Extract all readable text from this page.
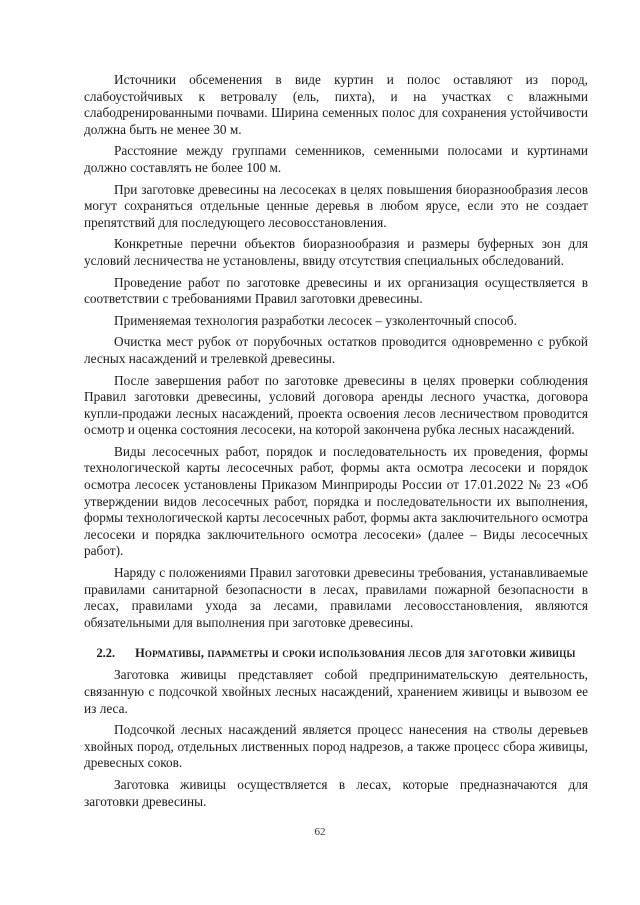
Источники обсеменения в виде куртин и полос оставляют из пород, слабоустойчивых к ветровалу (ель, пихта), и на участках с влажными слабодренированными почвами. Ширина семенных полос для сохранения устойчивости должна быть не менее 30 м.

Расстояние между группами семенников, семенными полосами и куртинами должно составлять не более 100 м.

При заготовке древесины на лесосеках в целях повышения биоразнообразия лесов могут сохраняться отдельные ценные деревья в любом ярусе, если это не создает препятствий для последующего лесовосстановления.

Конкретные перечни объектов биоразнообразия и размеры буферных зон для условий лесничества не установлены, ввиду отсутствия специальных обследований.

Проведение работ по заготовке древесины и их организация осуществляется в соответствии с требованиями Правил заготовки древесины.

Применяемая технология разработки лесосек – узколенточный способ.

Очистка мест рубок от порубочных остатков проводится одновременно с рубкой лесных насаждений и трелевкой древесины.

После завершения работ по заготовке древесины в целях проверки соблюдения Правил заготовки древесины, условий договора аренды лесного участка, договора купли-продажи лесных насаждений, проекта освоения лесов лесничеством проводится осмотр и оценка состояния лесосеки, на которой закончена рубка лесных насаждений.

Виды лесосечных работ, порядок и последовательность их проведения, формы технологической карты лесосечных работ, формы акта осмотра лесосеки и порядок осмотра лесосек установлены Приказом Минприроды России от 17.01.2022 № 23 «Об утверждении видов лесосечных работ, порядка и последовательности их выполнения, формы технологической карты лесосечных работ, формы акта заключительного осмотра лесосеки и порядка заключительного осмотра лесосеки» (далее – Виды лесосечных работ).

Наряду с положениями Правил заготовки древесины требования, устанавливаемые правилами санитарной безопасности в лесах, правилами пожарной безопасности в лесах, правилами ухода за лесами, правилами лесовосстановления, являются обязательными для выполнения при заготовке древесины.

2.2. Нормативы, параметры и сроки использования лесов для заготовки живицы

Заготовка живицы представляет собой предпринимательскую деятельность, связанную с подсочкой хвойных лесных насаждений, хранением живицы и вывозом ее из леса.

Подсочкой лесных насаждений является процесс нанесения на стволы деревьев хвойных пород, отдельных лиственных пород надрезов, а также процесс сбора живицы, древесных соков.

Заготовка живицы осуществляется в лесах, которые предназначаются для заготовки древесины.

62
